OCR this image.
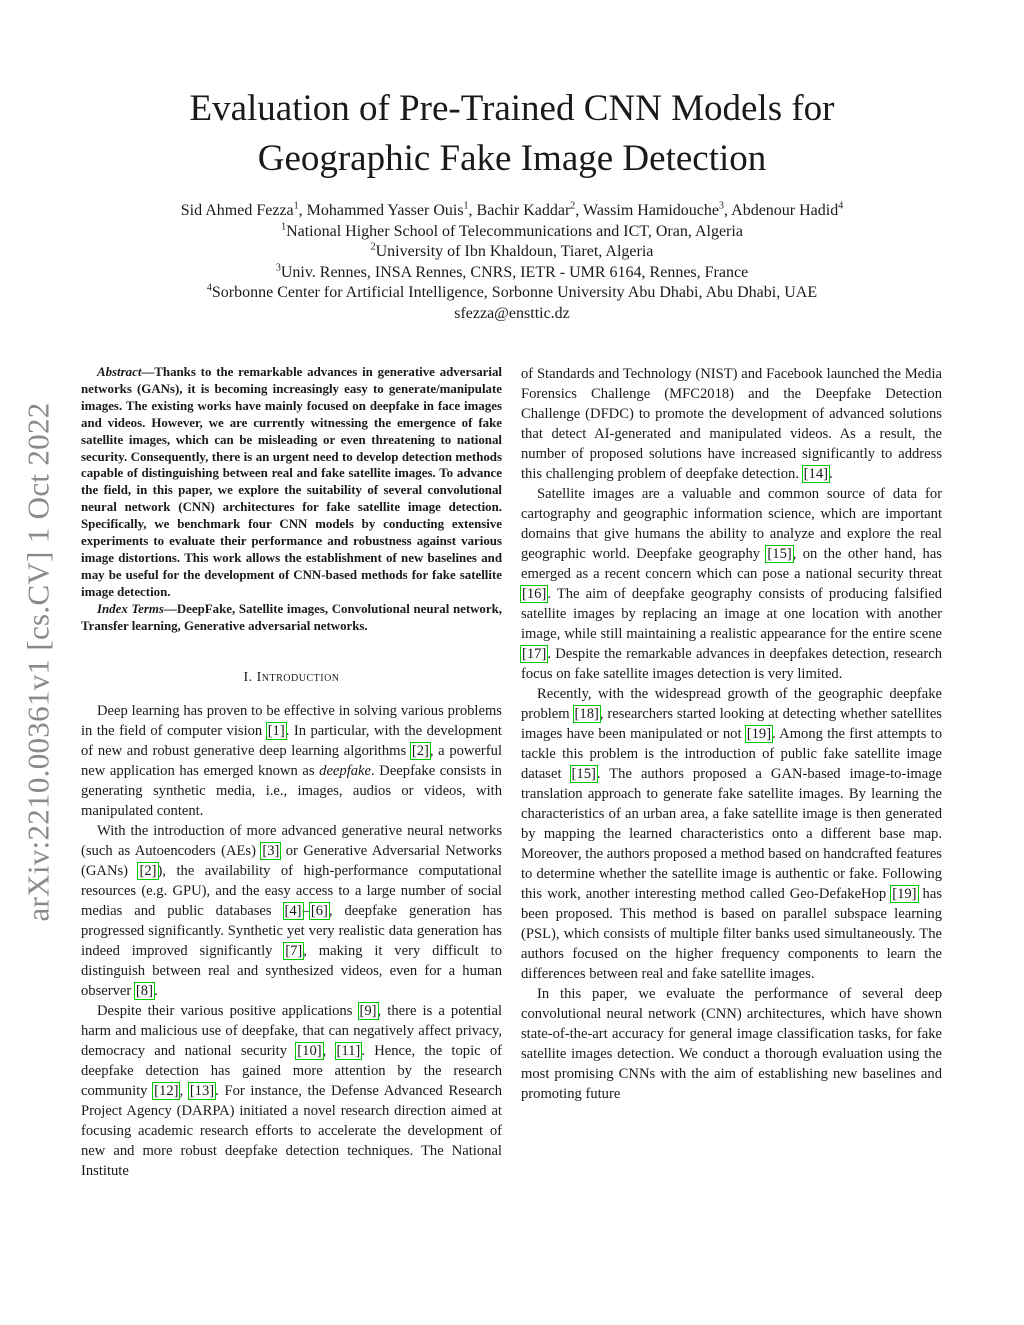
arXiv:2210.00361v1 [cs.CV] 1 Oct 2022
Evaluation of Pre-Trained CNN Models for
Geographic Fake Image Detection
Sid Ahmed Fezza$^1$, Mohammed Yasser Ouis$^1$, Bachir Kaddar$^2$, Wassim Hamidouche$^3$, Abdenour Hadid$^4$
$^1$National Higher School of Telecommunications and ICT, Oran, Algeria
$^2$University of Ibn Khaldoun, Tiaret, Algeria
$^3$Univ. Rennes, INSA Rennes, CNRS, IETR - UMR 6164, Rennes, France
$^4$Sorbonne Center for Artificial Intelligence, Sorbonne University Abu Dhabi, Abu Dhabi, UAE
sfezza@ensttic.dz

Abstract—Thanks to the remarkable advances in generative adversarial networks (GANs), it is becoming increasingly easy to generate/manipulate images. The existing works have mainly focused on deepfake in face images and videos. However, we are currently witnessing the emergence of fake satellite images, which can be misleading or even threatening to national security. Consequently, there is an urgent need to develop detection methods capable of distinguishing between real and fake satellite images. To advance the field, in this paper, we explore the suitability of several convolutional neural network (CNN) architectures for fake satellite image detection. Specifically, we benchmark four CNN models by conducting extensive experiments to evaluate their performance and robustness against various image distortions. This work allows the establishment of new baselines and may be useful for the development of CNN-based methods for fake satellite image detection.

Index Terms—DeepFake, Satellite images, Convolutional neural network, Transfer learning, Generative adversarial networks.

I. Introduction

Deep learning has proven to be effective in solving various problems in the field of computer vision [1]. In particular, with the development of new and robust generative deep learning algorithms [2], a powerful new application has emerged known as deepfake. Deepfake consists in generating synthetic media, i.e., images, audios or videos, with manipulated content.

With the introduction of more advanced generative neural networks (such as Autoencoders (AEs) [3] or Generative Adversarial Networks (GANs) [2]), the availability of high-performance computational resources (e.g. GPU), and the easy access to a large number of social medias and public databases [4]–[6], deepfake generation has progressed significantly. Synthetic yet very realistic data generation has indeed improved significantly [7], making it very difficult to distinguish between real and synthesized videos, even for a human observer [8].

Despite their various positive applications [9], there is a potential harm and malicious use of deepfake, that can negatively affect privacy, democracy and national security [10], [11]. Hence, the topic of deepfake detection has gained more attention by the research community [12], [13]. For instance, the Defense Advanced Research Project Agency (DARPA) initiated a novel research direction aimed at focusing academic research efforts to accelerate the development of new and more robust deepfake detection techniques. The National Institute

of Standards and Technology (NIST) and Facebook launched the Media Forensics Challenge (MFC2018) and the Deepfake Detection Challenge (DFDC) to promote the development of advanced solutions that detect AI-generated and manipulated videos. As a result, the number of proposed solutions have increased significantly to address this challenging problem of deepfake detection. [14].

Satellite images are a valuable and common source of data for cartography and geographic information science, which are important domains that give humans the ability to analyze and explore the real geographic world. Deepfake geography [15], on the other hand, has emerged as a recent concern which can pose a national security threat [16]. The aim of deepfake geography consists of producing falsified satellite images by replacing an image at one location with another image, while still maintaining a realistic appearance for the entire scene [17]. Despite the remarkable advances in deepfakes detection, research focus on fake satellite images detection is very limited.

Recently, with the widespread growth of the geographic deepfake problem [18], researchers started looking at detecting whether satellites images have been manipulated or not [19]. Among the first attempts to tackle this problem is the introduction of public fake satellite image dataset [15]. The authors proposed a GAN-based image-to-image translation approach to generate fake satellite images. By learning the characteristics of an urban area, a fake satellite image is then generated by mapping the learned characteristics onto a different base map. Moreover, the authors proposed a method based on handcrafted features to determine whether the satellite image is authentic or fake. Following this work, another interesting method called Geo-DefakeHop [19] has been proposed. This method is based on parallel subspace learning (PSL), which consists of multiple filter banks used simultaneously. The authors focused on the higher frequency components to learn the differences between real and fake satellite images.

In this paper, we evaluate the performance of several deep convolutional neural network (CNN) architectures, which have shown state-of-the-art accuracy for general image classification tasks, for fake satellite images detection. We conduct a thorough evaluation using the most promising CNNs with the aim of establishing new baselines and promoting future
